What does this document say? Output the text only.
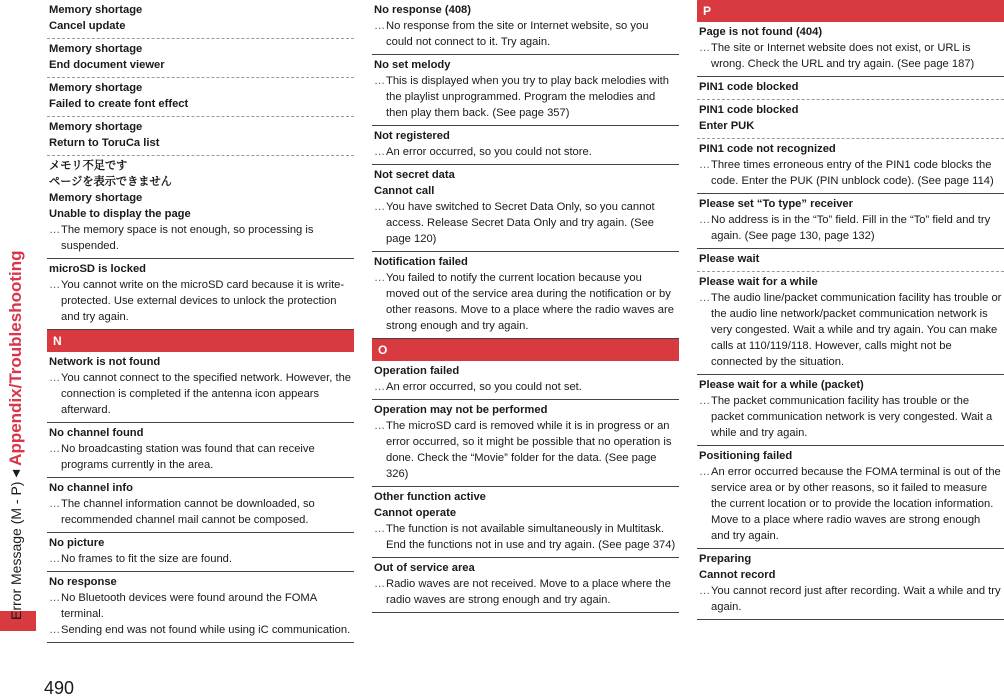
Error Message (M - P)
◀
Appendix/Troubleshooting
490
Memory shortage
Cancel update
Memory shortage
End document viewer
Memory shortage
Failed to create font effect
Memory shortage
Return to ToruCa list
メモリ不足です
ページを表示できません
Memory shortage
Unable to display the page
… The memory space is not enough, so processing is suspended.
microSD is locked
… You cannot write on the microSD card because it is write-protected. Use external devices to unlock the protection and try again.
N
Network is not found
… You cannot connect to the specified network. However, the connection is completed if the antenna icon appears afterward.
No channel found
… No broadcasting station was found that can receive programs currently in the area.
No channel info
… The channel information cannot be downloaded, so recommended channel mail cannot be composed.
No picture
… No frames to fit the size are found.
No response
… No Bluetooth devices were found around the FOMA terminal.
… Sending end was not found while using iC communication.
No response (408)
… No response from the site or Internet website, so you could not connect to it. Try again.
No set melody
… This is displayed when you try to play back melodies with the playlist unprogrammed. Program the melodies and then play them back. (See page 357)
Not registered
… An error occurred, so you could not store.
Not secret data
Cannot call
… You have switched to Secret Data Only, so you cannot access. Release Secret Data Only and try again. (See page 120)
Notification failed
… You failed to notify the current location because you moved out of the service area during the notification or by other reasons. Move to a place where the radio waves are strong enough and try again.
O
Operation failed
… An error occurred, so you could not set.
Operation may not be performed
… The microSD card is removed while it is in progress or an error occurred, so it might be possible that no operation is done. Check the “Movie” folder for the data. (See page 326)
Other function active
Cannot operate
… The function is not available simultaneously in Multitask. End the functions not in use and try again. (See page 374)
Out of service area
… Radio waves are not received. Move to a place where the radio waves are strong enough and try again.
P
Page is not found (404)
… The site or Internet website does not exist, or URL is wrong. Check the URL and try again. (See page 187)
PIN1 code blocked
PIN1 code blocked
Enter PUK
PIN1 code not recognized
… Three times erroneous entry of the PIN1 code blocks the code. Enter the PUK (PIN unblock code). (See page 114)
Please set “To type” receiver
… No address is in the “To” field. Fill in the “To” field and try again. (See page 130, page 132)
Please wait
Please wait for a while
… The audio line/packet communication facility has trouble or the audio line network/packet communication network is very congested. Wait a while and try again. You can make calls at 110/119/118. However, calls might not be connected by the situation.
Please wait for a while (packet)
… The packet communication facility has trouble or the packet communication network is very congested. Wait a while and try again.
Positioning failed
… An error occurred because the FOMA terminal is out of the service area or by other reasons, so it failed to measure the current location or to provide the location information. Move to a place where radio waves are strong enough and try again.
Preparing
Cannot record
… You cannot record just after recording. Wait a while and try again.
